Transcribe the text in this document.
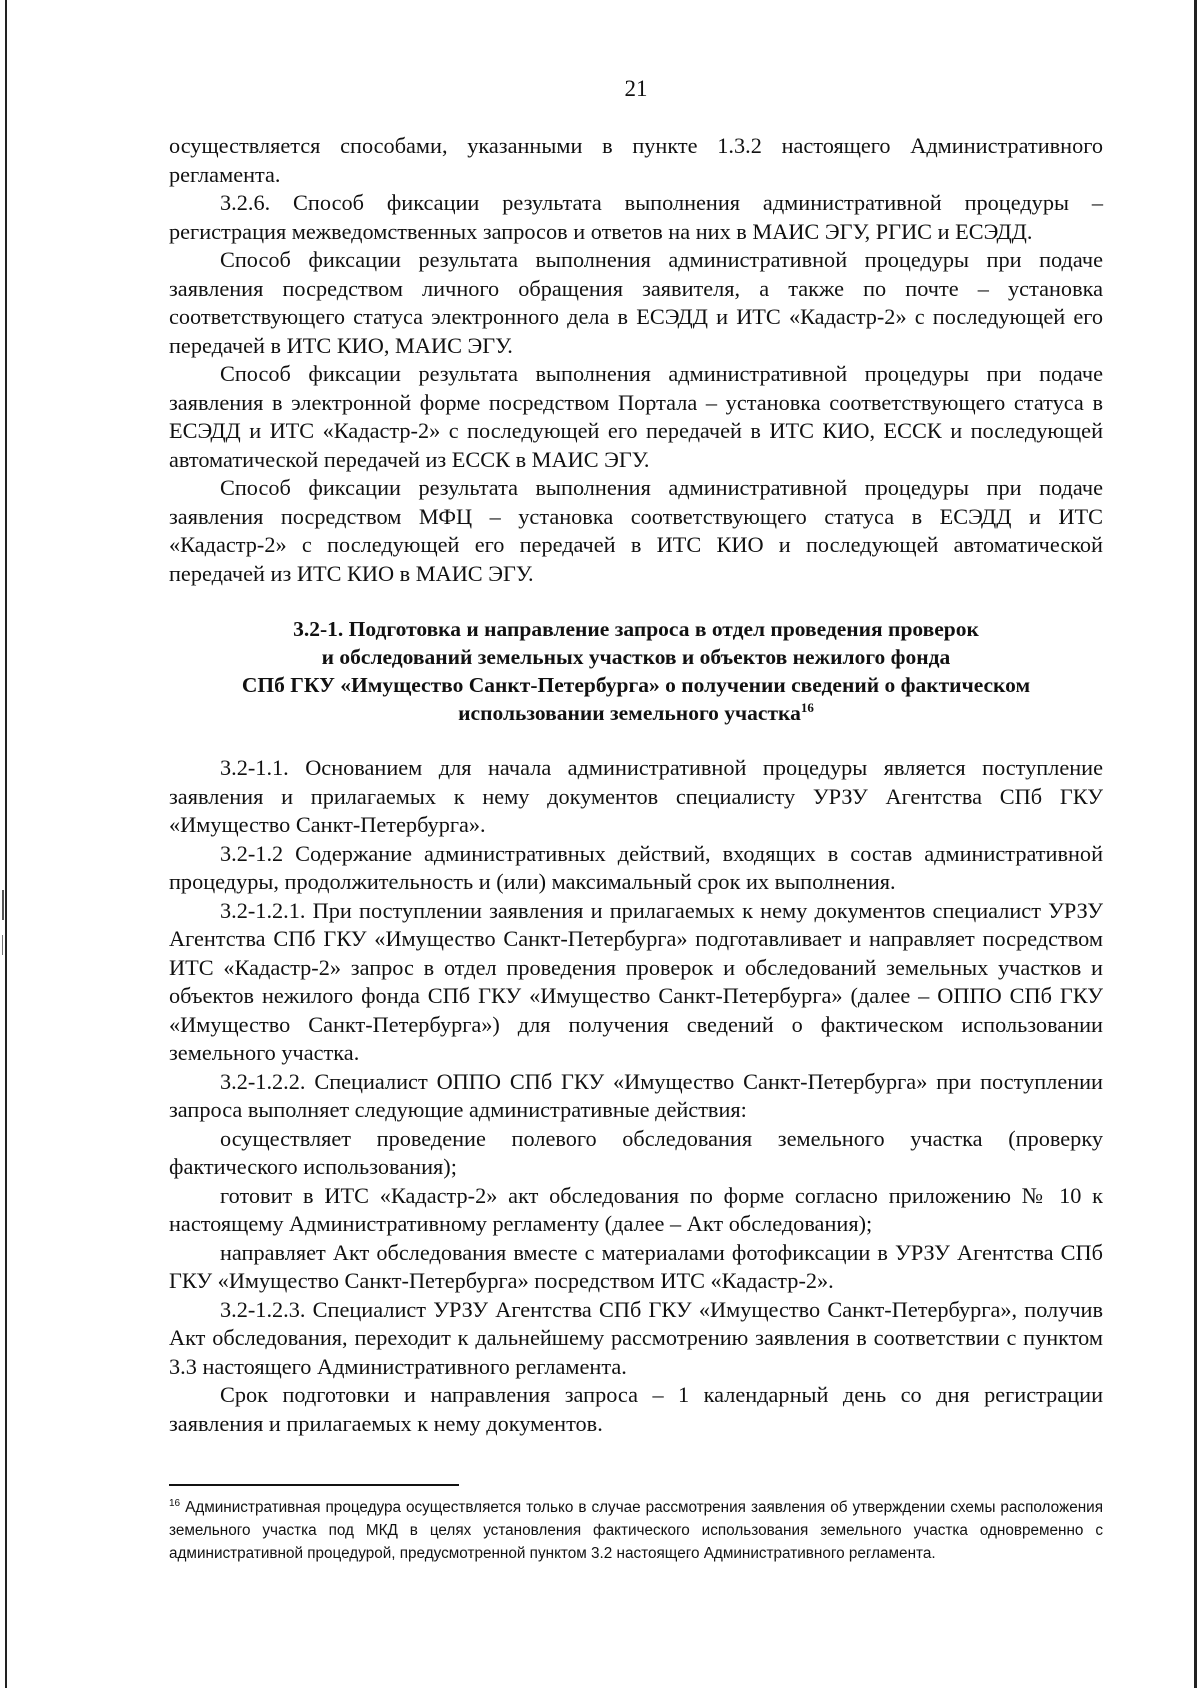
21

осуществляется способами, указанными в пункте 1.3.2 настоящего Административного регламента.

3.2.6. Способ фиксации результата выполнения административной процедуры – регистрация межведомственных запросов и ответов на них в МАИС ЭГУ, РГИС и ЕСЭДД.

Способ фиксации результата выполнения административной процедуры при подаче заявления посредством личного обращения заявителя, а также по почте – установка соответствующего статуса электронного дела в ЕСЭДД и ИТС «Кадастр-2» с последующей его передачей в ИТС КИО, МАИС ЭГУ.

Способ фиксации результата выполнения административной процедуры при подаче заявления в электронной форме посредством Портала – установка соответствующего статуса в ЕСЭДД и ИТС «Кадастр-2» с последующей его передачей в ИТС КИО, ЕССК и последующей автоматической передачей из ЕССК в МАИС ЭГУ.

Способ фиксации результата выполнения административной процедуры при подаче заявления посредством МФЦ – установка соответствующего статуса в ЕСЭДД и ИТС «Кадастр-2» с последующей его передачей в ИТС КИО и последующей автоматической передачей из ИТС КИО в МАИС ЭГУ.

3.2-1. Подготовка и направление запроса в отдел проведения проверок
и обследований земельных участков и объектов нежилого фонда
СПб ГКУ «Имущество Санкт-Петербурга» о получении сведений о фактическом
использовании земельного участка$^{16}$

3.2-1.1. Основанием для начала административной процедуры является поступление заявления и прилагаемых к нему документов специалисту УРЗУ Агентства СПб ГКУ «Имущество Санкт-Петербурга».

3.2-1.2 Содержание административных действий, входящих в состав административной процедуры, продолжительность и (или) максимальный срок их выполнения.

3.2-1.2.1. При поступлении заявления и прилагаемых к нему документов специалист УРЗУ Агентства СПб ГКУ «Имущество Санкт-Петербурга» подготавливает и направляет посредством ИТС «Кадастр-2» запрос в отдел проведения проверок и обследований земельных участков и объектов нежилого фонда СПб ГКУ «Имущество Санкт-Петербурга» (далее – ОППО СПб ГКУ «Имущество Санкт-Петербурга») для получения сведений о фактическом использовании земельного участка.

3.2-1.2.2. Специалист ОППО СПб ГКУ «Имущество Санкт-Петербурга» при поступлении запроса выполняет следующие административные действия:

осуществляет проведение полевого обследования земельного участка (проверку фактического использования);

готовит в ИТС «Кадастр-2» акт обследования по форме согласно приложению № 10 к настоящему Административному регламенту (далее – Акт обследования);

направляет Акт обследования вместе с материалами фотофиксации в УРЗУ Агентства СПб ГКУ «Имущество Санкт-Петербурга» посредством ИТС «Кадастр-2».

3.2-1.2.3. Специалист УРЗУ Агентства СПб ГКУ «Имущество Санкт-Петербурга», получив Акт обследования, переходит к дальнейшему рассмотрению заявления в соответствии с пунктом 3.3 настоящего Административного регламента.

Срок подготовки и направления запроса – 1 календарный день со дня регистрации заявления и прилагаемых к нему документов.

$^{16}$ Административная процедура осуществляется только в случае рассмотрения заявления об утверждении схемы расположения земельного участка под МКД в целях установления фактического использования земельного участка одновременно с административной процедурой, предусмотренной пунктом 3.2 настоящего Административного регламента.
